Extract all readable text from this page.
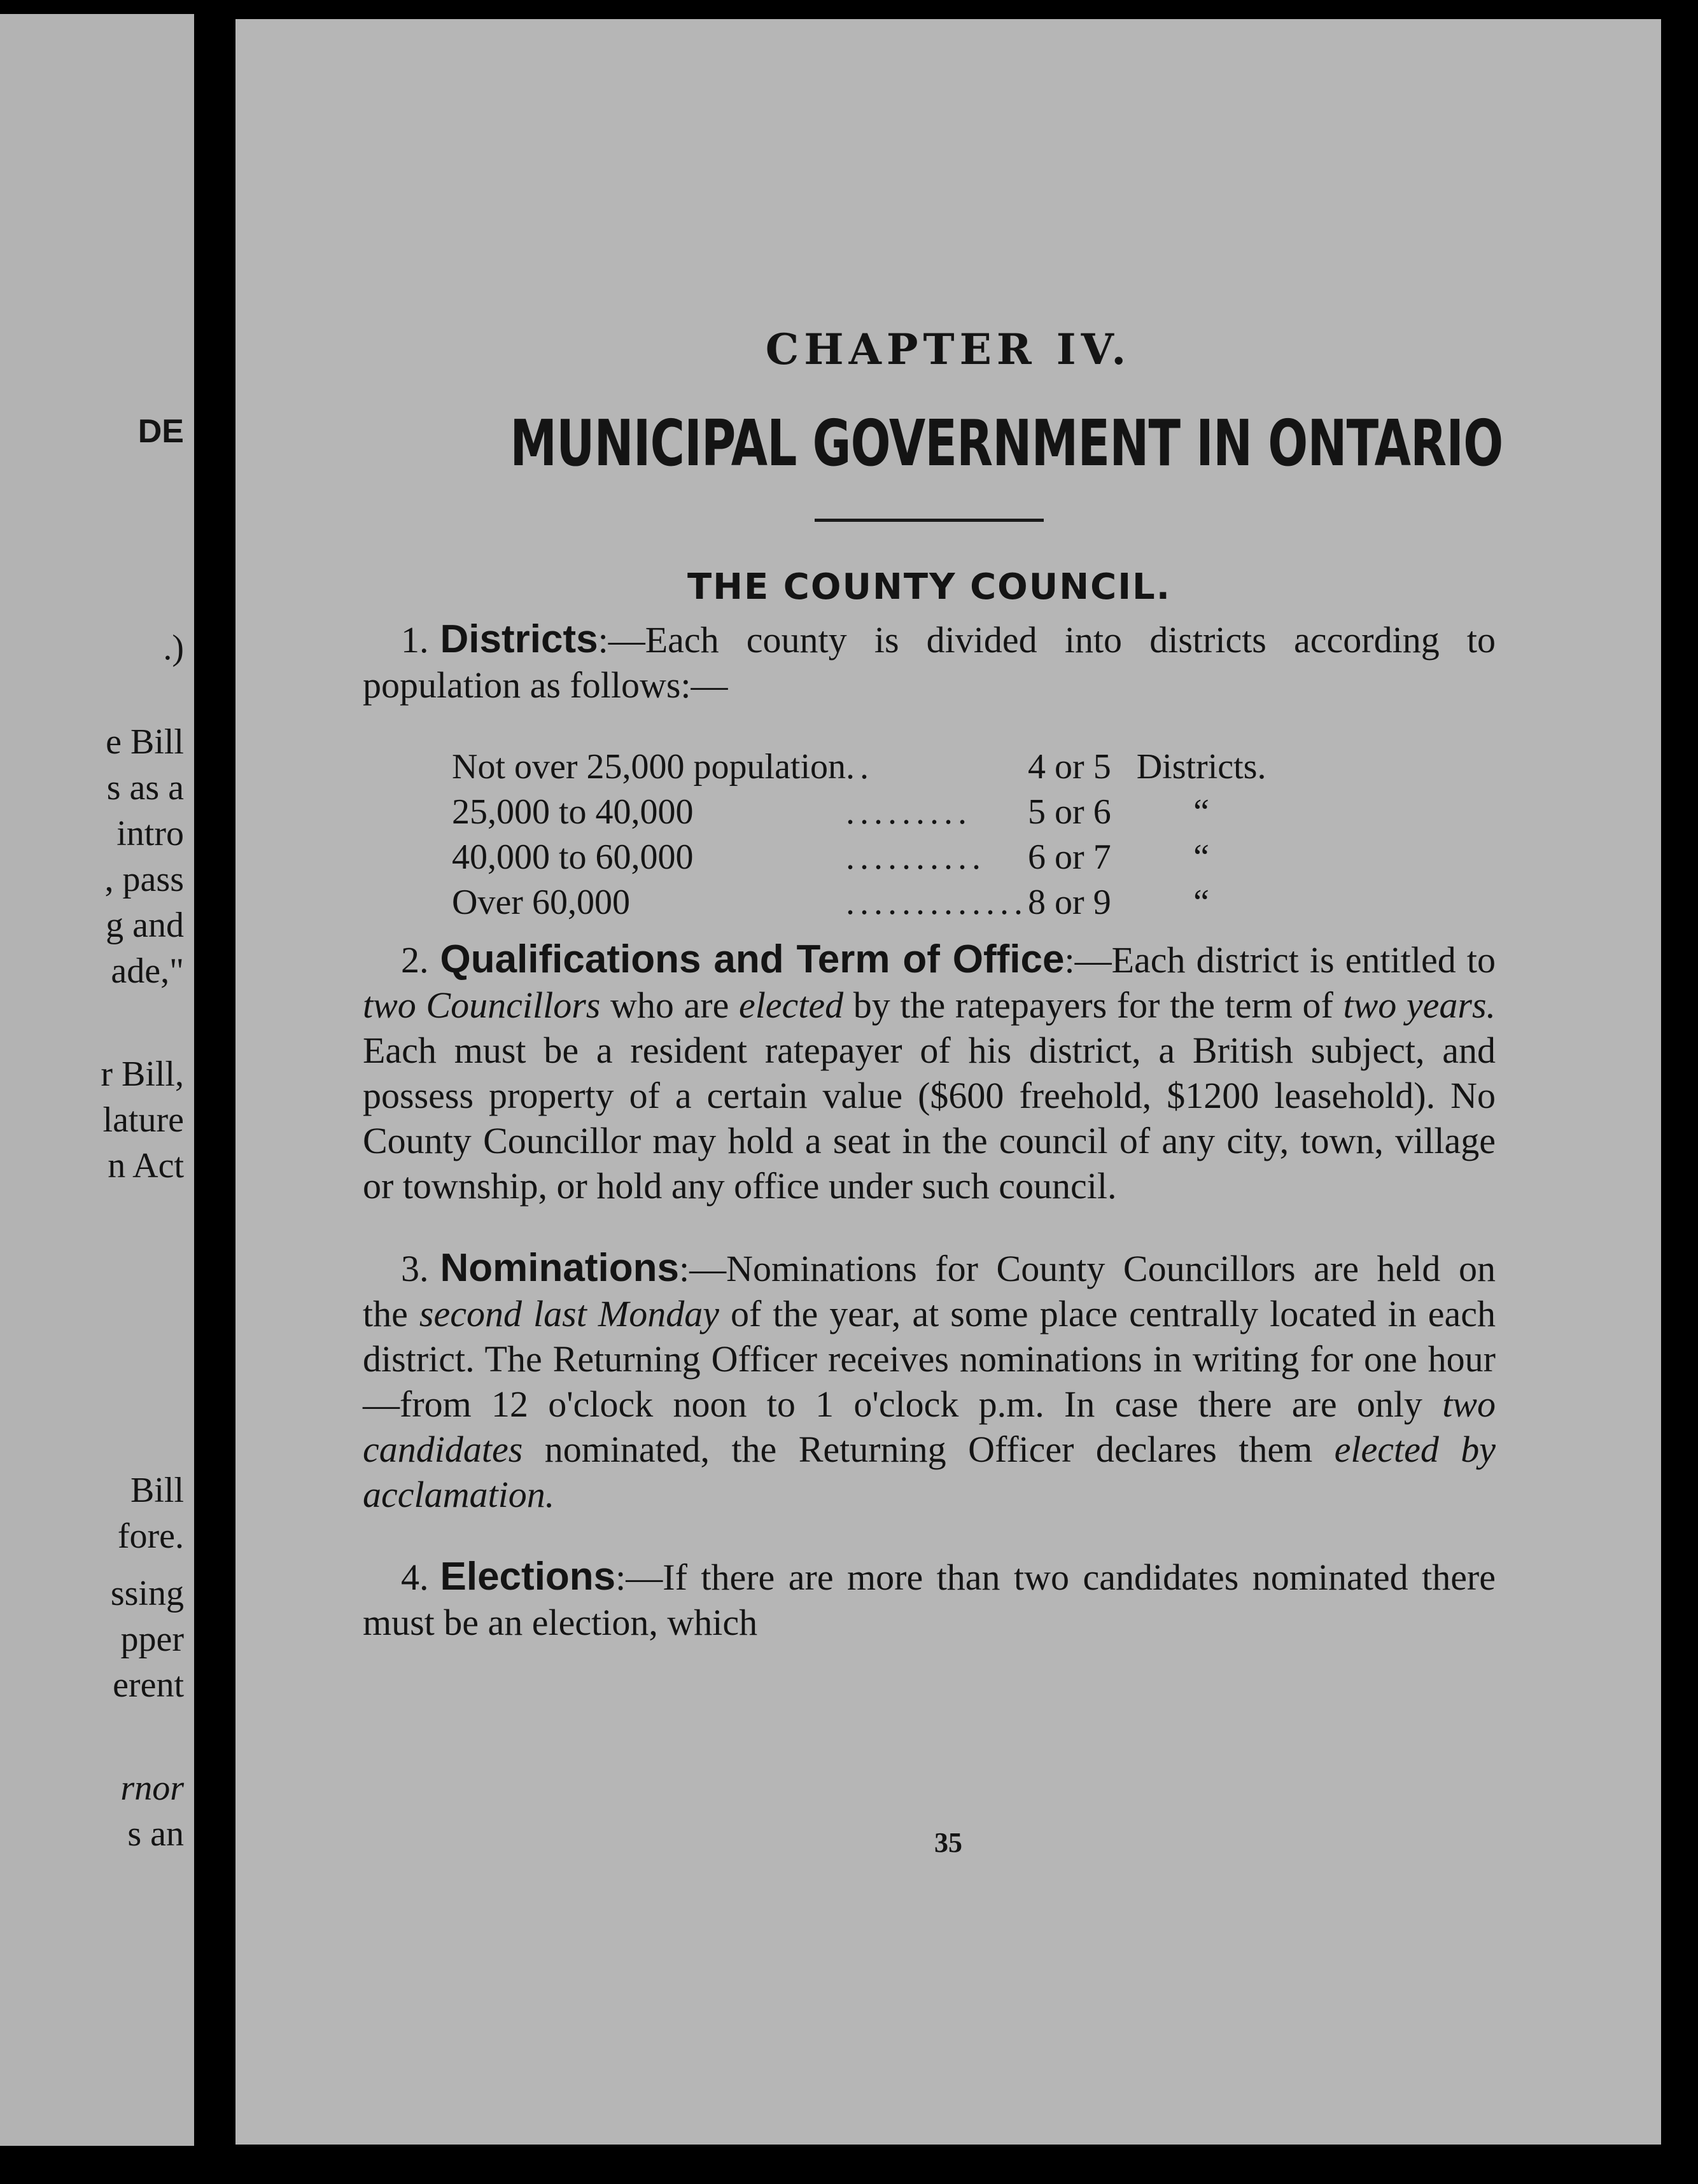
DE
.)
e Bill
s as a
intro
, pass
g and
ade,"
r Bill,
lature
n Act
Bill
fore.
ssing
pper
erent
rnor
s an
CHAPTER IV.
MUNICIPAL GOVERNMENT IN ONTARIO
THE COUNTY COUNCIL.

1. Districts:—Each county is divided into districts according to population as follows:—

Not over 25,000 population	..	4 or 5	Districts.
25,000 to 40,000	.........	5 or 6	“
40,000 to 60,000	..........	6 or 7	“
Over 60,000	.............	8 or 9	“

2. Qualifications and Term of Office:—Each district is entitled to two Councillors who are elected by the ratepayers for the term of two years. Each must be a resident ratepayer of his district, a British subject, and possess property of a certain value ($600 freehold, $1200 leasehold). No County Councillor may hold a seat in the council of any city, town, village or township, or hold any office under such council.

3. Nominations:—Nominations for County Councillors are held on the second last Monday of the year, at some place centrally located in each district. The Returning Officer receives nominations in writing for one hour—from 12 o'clock noon to 1 o'clock p.m. In case there are only two candidates nominated, the Returning Officer declares them elected by acclamation.

4. Elections:—If there are more than two candidates nominated there must be an election, which

35
